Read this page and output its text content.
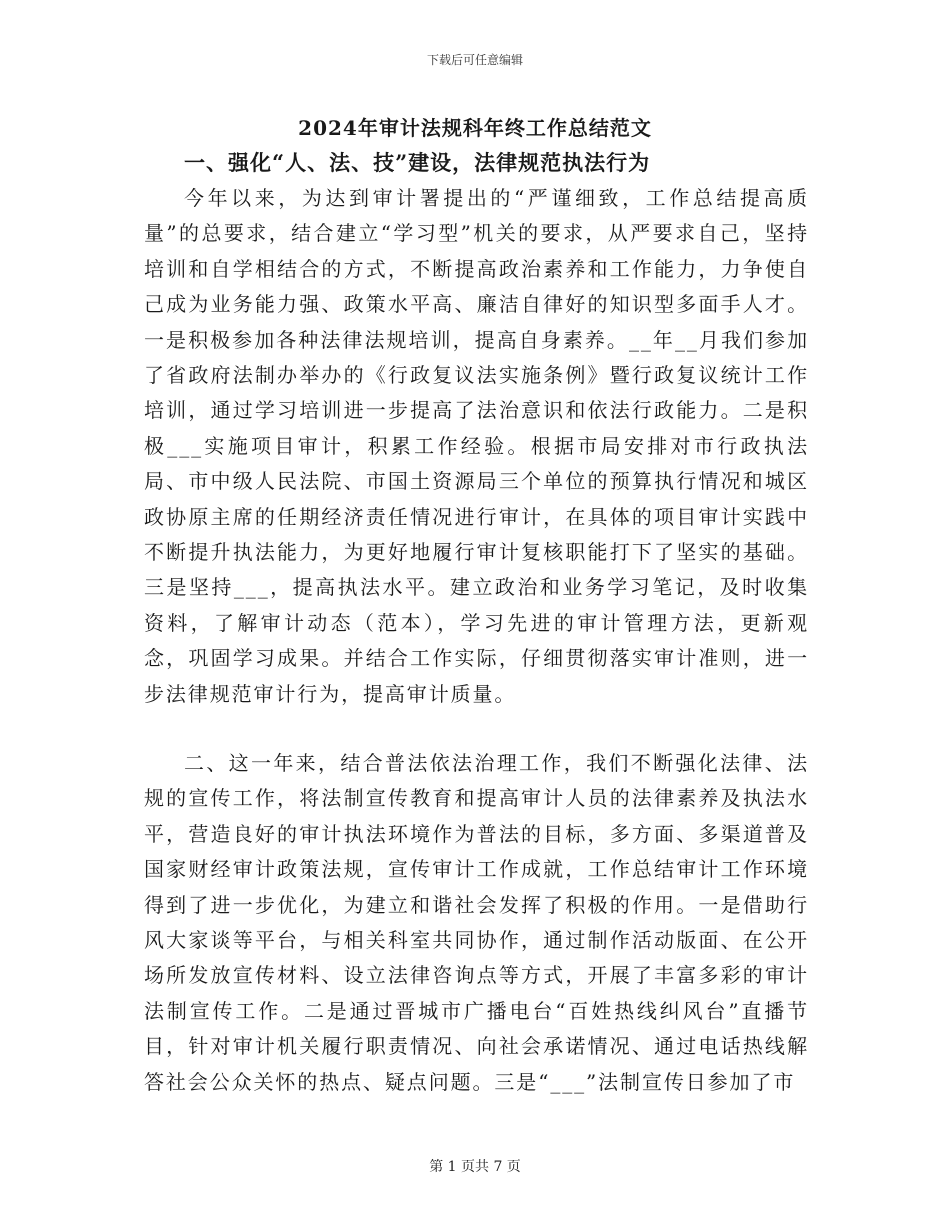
下载后可任意编辑
2024年审计法规科年终工作总结范文
一、强化“人、法、技”建设，法律规范执法行为

今年以来，为达到审计署提出的“严谨细致，工作总结提高质量”的总要求，结合建立“学习型”机关的要求，从严要求自己，坚持培训和自学相结合的方式，不断提高政治素养和工作能力，力争使自己成为业务能力强、政策水平高、廉洁自律好的知识型多面手人才。一是积极参加各种法律法规培训，提高自身素养。__年__月我们参加了省政府法制办举办的《行政复议法实施条例》暨行政复议统计工作培训，通过学习培训进一步提高了法治意识和依法行政能力。二是积极___实施项目审计，积累工作经验。根据市局安排对市行政执法局、市中级人民法院、市国土资源局三个单位的预算执行情况和城区政协原主席的任期经济责任情况进行审计，在具体的项目审计实践中不断提升执法能力，为更好地履行审计复核职能打下了坚实的基础。三是坚持___，提高执法水平。建立政治和业务学习笔记，及时收集资料，了解审计动态（范本），学习先进的审计管理方法，更新观念，巩固学习成果。并结合工作实际，仔细贯彻落实审计准则，进一步法律规范审计行为，提高审计质量。

二、这一年来，结合普法依法治理工作，我们不断强化法律、法规的宣传工作，将法制宣传教育和提高审计人员的法律素养及执法水平，营造良好的审计执法环境作为普法的目标，多方面、多渠道普及国家财经审计政策法规，宣传审计工作成就，工作总结审计工作环境得到了进一步优化，为建立和谐社会发挥了积极的作用。一是借助行风大家谈等平台，与相关科室共同协作，通过制作活动版面、在公开场所发放宣传材料、设立法律咨询点等方式，开展了丰富多彩的审计法制宣传工作。二是通过晋城市广播电台“百姓热线纠风台”直播节目，针对审计机关履行职责情况、向社会承诺情况、通过电话热线解答社会公众关怀的热点、疑点问题。三是“___”法制宣传日参加了市

第 1 页共 7 页
